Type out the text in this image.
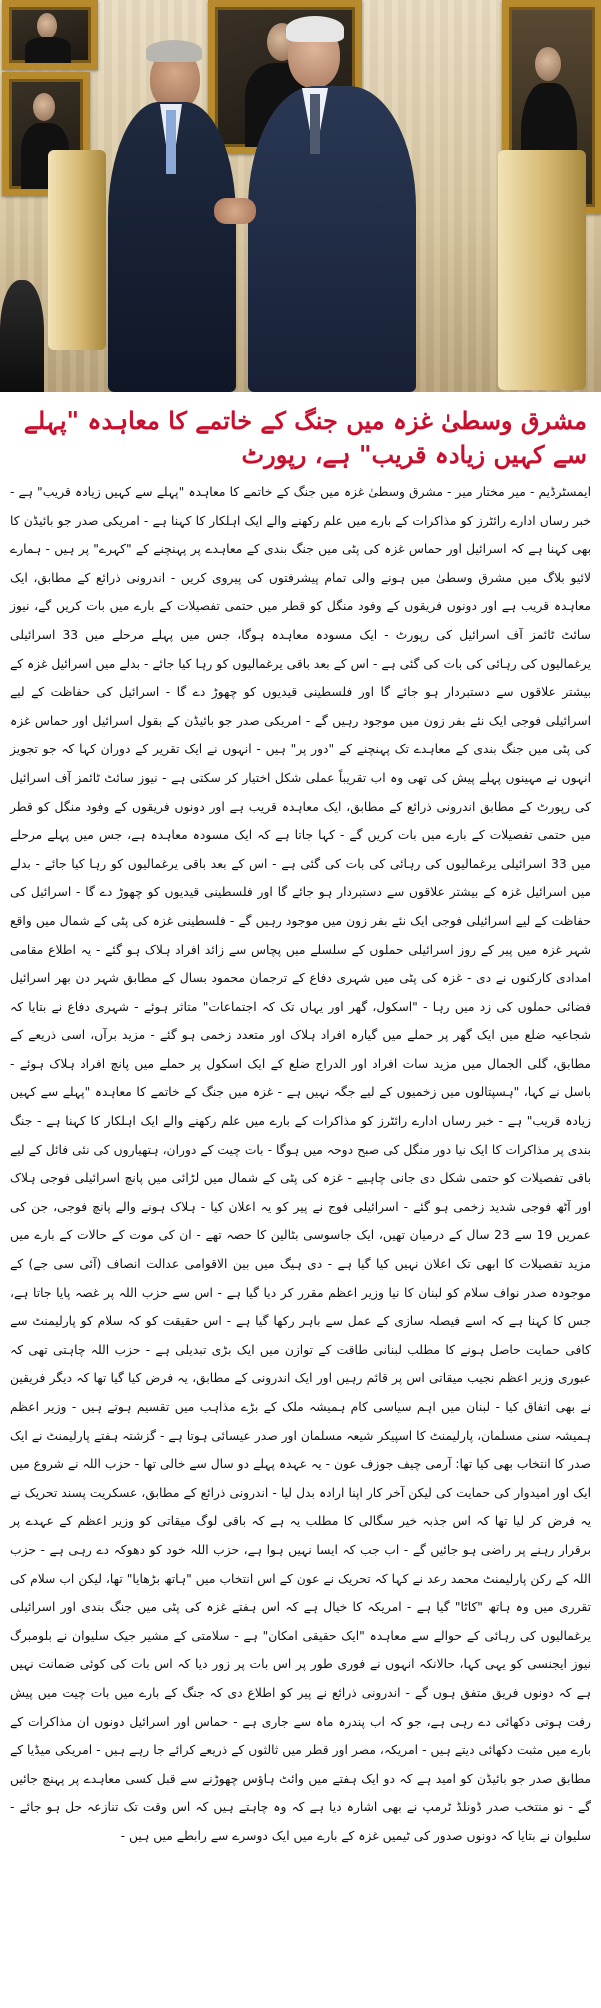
مشرق وسطیٰ غزہ میں جنگ کے خاتمے کا معاہدہ "پہلے سے کہیں زیادہ قریب" ہے، رپورٹ

ایمسٹرڈیم - میر مختار میر - مشرق وسطیٰ غزہ میں جنگ کے خاتمے کا معاہدہ "پہلے سے کہیں زیادہ قریب" ہے - خبر رساں ادارے رائٹرز کو مذاکرات کے بارے میں علم رکھنے والے ایک اہلکار کا کہنا ہے - امریکی صدر جو بائیڈن کا بھی کہنا ہے کہ اسرائیل اور حماس غزہ کی پٹی میں جنگ بندی کے معاہدے پر پہنچنے کے "کہرے" پر ہیں - ہمارے لائیو بلاگ میں مشرق وسطیٰ میں ہونے والی تمام پیشرفتوں کی پیروی کریں - اندرونی ذرائع کے مطابق، ایک معاہدہ قریب ہے اور دونوں فریقوں کے وفود منگل کو قطر میں حتمی تفصیلات کے بارے میں بات کریں گے، نیوز سائٹ ٹائمز آف اسرائیل کی رپورٹ - ایک مسودہ معاہدہ ہوگا، جس میں پہلے مرحلے میں 33 اسرائیلی یرغمالیوں کی رہائی کی بات کی گئی ہے - اس کے بعد باقی یرغمالیوں کو رہا کیا جائے - بدلے میں اسرائیل غزہ کے بیشتر علاقوں سے دستبردار ہو جائے گا اور فلسطینی قیدیوں کو چھوڑ دے گا - اسرائیل کی حفاظت کے لیے اسرائیلی فوجی ایک نئے بفر زون میں موجود رہیں گے - امریکی صدر جو بائیڈن کے بقول اسرائیل اور حماس غزہ کی پٹی میں جنگ بندی کے معاہدے تک پہنچنے کے "دور پر" ہیں - انہوں نے ایک تقریر کے دوران کہا کہ جو تجویز انہوں نے مہینوں پہلے پیش کی تھی وہ اب تقریباً عملی شکل اختیار کر سکتی ہے - نیوز سائٹ ٹائمز آف اسرائیل کی رپورٹ کے مطابق اندرونی ذرائع کے مطابق، ایک معاہدہ قریب ہے اور دونوں فریقوں کے وفود منگل کو قطر میں حتمی تفصیلات کے بارے میں بات کریں گے - کہا جاتا ہے کہ ایک مسودہ معاہدہ ہے، جس میں پہلے مرحلے میں 33 اسرائیلی یرغمالیوں کی رہائی کی بات کی گئی ہے - اس کے بعد باقی یرغمالیوں کو رہا کیا جائے - بدلے میں اسرائیل غزہ کے بیشتر علاقوں سے دستبردار ہو جائے گا اور فلسطینی قیدیوں کو چھوڑ دے گا - اسرائیل کی حفاظت کے لیے اسرائیلی فوجی ایک نئے بفر زون میں موجود رہیں گے - فلسطینی غزہ کی پٹی کے شمال میں واقع شہر غزہ میں پیر کے روز اسرائیلی حملوں کے سلسلے میں پچاس سے زائد افراد ہلاک ہو گئے - یہ اطلاع مقامی امدادی کارکنوں نے دی - غزہ کی پٹی میں شہری دفاع کے ترجمان محمود بسال کے مطابق شہر دن بھر اسرائیل فضائی حملوں کی زد میں رہا - "اسکول، گھر اور یہاں تک کہ اجتماعات" متاثر ہوئے - شہری دفاع نے بتایا کہ شجاعیہ ضلع میں ایک گھر پر حملے میں گیارہ افراد ہلاک اور متعدد زخمی ہو گئے - مزید برآں، اسی ذریعے کے مطابق، گلی الجمال میں مزید سات افراد اور الدراج ضلع کے ایک اسکول پر حملے میں پانچ افراد ہلاک ہوئے - باسل نے کہا، "ہسپتالوں میں زخمیوں کے لیے جگہ نہیں ہے - غزہ میں جنگ کے خاتمے کا معاہدہ "پہلے سے کہیں زیادہ قریب" ہے - خبر رساں ادارے رائٹرز کو مذاکرات کے بارے میں علم رکھنے والے ایک اہلکار کا کہنا ہے - جنگ بندی پر مذاکرات کا ایک نیا دور منگل کی صبح دوحہ میں ہوگا - بات چیت کے دوران، ہتھیاروں کی نئی فائل کے لیے باقی تفصیلات کو حتمی شکل دی جانی چاہیے - غزہ کی پٹی کے شمال میں لڑائی میں پانچ اسرائیلی فوجی ہلاک اور آٹھ فوجی شدید زخمی ہو گئے - اسرائیلی فوج نے پیر کو یہ اعلان کیا - ہلاک ہونے والے پانچ فوجی، جن کی عمریں 19 سے 23 سال کے درمیان تھیں، ایک جاسوسی بٹالین کا حصہ تھے - ان کی موت کے حالات کے بارے میں مزید تفصیلات کا ابھی تک اعلان نہیں کیا گیا ہے - دی ہیگ میں بین الاقوامی عدالت انصاف (آئی سی جے) کے موجودہ صدر نواف سلام کو لبنان کا نیا وزیر اعظم مقرر کر دیا گیا ہے - اس سے حزب اللہ پر غصہ پایا جاتا ہے، جس کا کہنا ہے کہ اسے فیصلہ سازی کے عمل سے باہر رکھا گیا ہے - اس حقیقت کو کہ سلام کو پارلیمنٹ سے کافی حمایت حاصل ہونے کا مطلب لبنانی طاقت کے توازن میں ایک بڑی تبدیلی ہے - حزب اللہ چاہتی تھی کہ عبوری وزیر اعظم نجیب میقاتی اس پر قائم رہیں اور ایک اندرونی کے مطابق، یہ فرض کیا گیا تھا کہ دیگر فریقین نے بھی اتفاق کیا - لبنان میں اہم سیاسی کام ہمیشہ ملک کے بڑے مذاہب میں تقسیم ہوتے ہیں - وزیر اعظم ہمیشہ سنی مسلمان، پارلیمنٹ کا اسپیکر شیعہ مسلمان اور صدر عیسائی ہوتا ہے - گزشتہ ہفتے پارلیمنٹ نے ایک صدر کا انتخاب بھی کیا تھا: آرمی چیف جوزف عون - یہ عہدہ پہلے دو سال سے خالی تھا - حزب اللہ نے شروع میں ایک اور امیدوار کی حمایت کی لیکن آخر کار اپنا ارادہ بدل لیا - اندرونی ذرائع کے مطابق، عسکریت پسند تحریک نے یہ فرض کر لیا تھا کہ اس جذبہ خیر سگالی کا مطلب یہ ہے کہ باقی لوگ میقاتی کو وزیر اعظم کے عہدے پر برقرار رہنے پر راضی ہو جائیں گے - اب جب کہ ایسا نہیں ہوا ہے، حزب اللہ خود کو دھوکہ دے رہی ہے - حزب اللہ کے رکن پارلیمنٹ محمد رعد نے کہا کہ تحریک نے عون کے اس انتخاب میں "ہاتھ بڑھایا" تھا، لیکن اب سلام کی تقرری میں وہ ہاتھ "کاٹا" گیا ہے - امریکہ کا خیال ہے کہ اس ہفتے غزہ کی پٹی میں جنگ بندی اور اسرائیلی یرغمالیوں کی رہائی کے حوالے سے معاہدہ "ایک حقیقی امکان" ہے - سلامتی کے مشیر جیک سلیوان نے بلومبرگ نیوز ایجنسی کو یہی کہا، حالانکہ انہوں نے فوری طور پر اس بات پر زور دیا کہ اس بات کی کوئی ضمانت نہیں ہے کہ دونوں فریق متفق ہوں گے - اندرونی ذرائع نے پیر کو اطلاع دی کہ جنگ کے بارے میں بات چیت میں پیش رفت ہوتی دکھائی دے رہی ہے، جو کہ اب پندرہ ماہ سے جاری ہے - حماس اور اسرائیل دونوں ان مذاکرات کے بارے میں مثبت دکھائی دیتے ہیں - امریکہ، مصر اور قطر میں ثالثوں کے ذریعے کرائے جا رہے ہیں - امریکی میڈیا کے مطابق صدر جو بائیڈن کو امید ہے کہ دو ایک ہفتے میں وائٹ ہاؤس چھوڑنے سے قبل کسی معاہدے پر پہنچ جائیں گے - نو منتخب صدر ڈونلڈ ٹرمپ نے بھی اشارہ دیا ہے کہ وہ چاہتے ہیں کہ اس وقت تک تنازعہ حل ہو جائے - سلیوان نے بتایا کہ دونوں صدور کی ٹیمیں غزہ کے بارے میں ایک دوسرے سے رابطے میں ہیں -
